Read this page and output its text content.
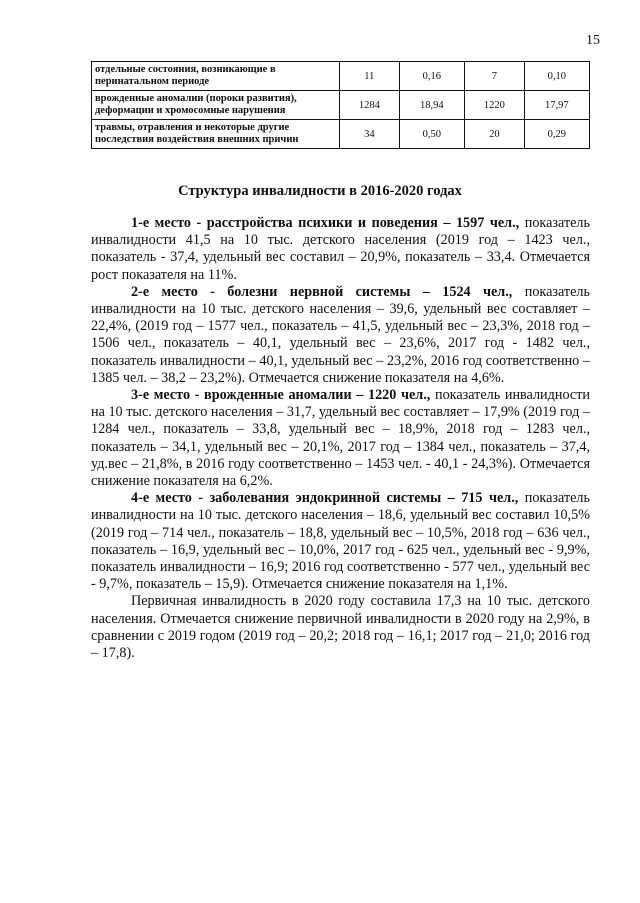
15
отдельные состояния, возникающие в перинатальном периоде	11	0,16	7	0,10
врожденные аномалии (пороки развития), деформации и хромосомные нарушения	1284	18,94	1220	17,97
травмы, отравления и некоторые другие последствия воздействия внешних причин	34	0,50	20	0,29
Структура инвалидности в 2016-2020 годах

1-е место - расстройства психики и поведения – 1597 чел., показатель инвалидности 41,5 на 10 тыс. детского населения (2019 год – 1423 чел., показатель - 37,4, удельный вес составил – 20,9%, показатель – 33,4. Отмечается рост показателя на 11%.

2-е место - болезни нервной системы – 1524 чел., показатель инвалидности на 10 тыс. детского населения – 39,6, удельный вес составляет – 22,4%, (2019 год – 1577 чел., показатель – 41,5, удельный вес – 23,3%, 2018 год – 1506 чел., показатель – 40,1, удельный вес – 23,6%, 2017 год - 1482 чел., показатель инвалидности – 40,1, удельный вес – 23,2%, 2016 год соответственно – 1385 чел. – 38,2 – 23,2%). Отмечается снижение показателя на 4,6%.

3-е место - врожденные аномалии – 1220 чел., показатель инвалидности на 10 тыс. детского населения – 31,7, удельный вес составляет – 17,9% (2019 год – 1284 чел., показатель – 33,8, удельный вес – 18,9%, 2018 год – 1283 чел., показатель – 34,1, удельный вес – 20,1%, 2017 год – 1384 чел., показатель – 37,4, уд.вес – 21,8%, в 2016 году соответственно – 1453 чел. - 40,1 - 24,3%). Отмечается снижение показателя на 6,2%.

4-е место - заболевания эндокринной системы – 715 чел., показатель инвалидности на 10 тыс. детского населения – 18,6, удельный вес составил 10,5% (2019 год – 714 чел., показатель – 18,8, удельный вес – 10,5%, 2018 год – 636 чел., показатель – 16,9, удельный вес – 10,0%, 2017 год - 625 чел., удельный вес - 9,9%, показатель инвалидности – 16,9; 2016 год соответственно - 577 чел., удельный вес - 9,7%, показатель – 15,9). Отмечается снижение показателя на 1,1%.

Первичная инвалидность в 2020 году составила 17,3 на 10 тыс. детского населения. Отмечается снижение первичной инвалидности в 2020 году на 2,9%, в сравнении с 2019 годом (2019 год – 20,2; 2018 год – 16,1; 2017 год – 21,0; 2016 год – 17,8).
